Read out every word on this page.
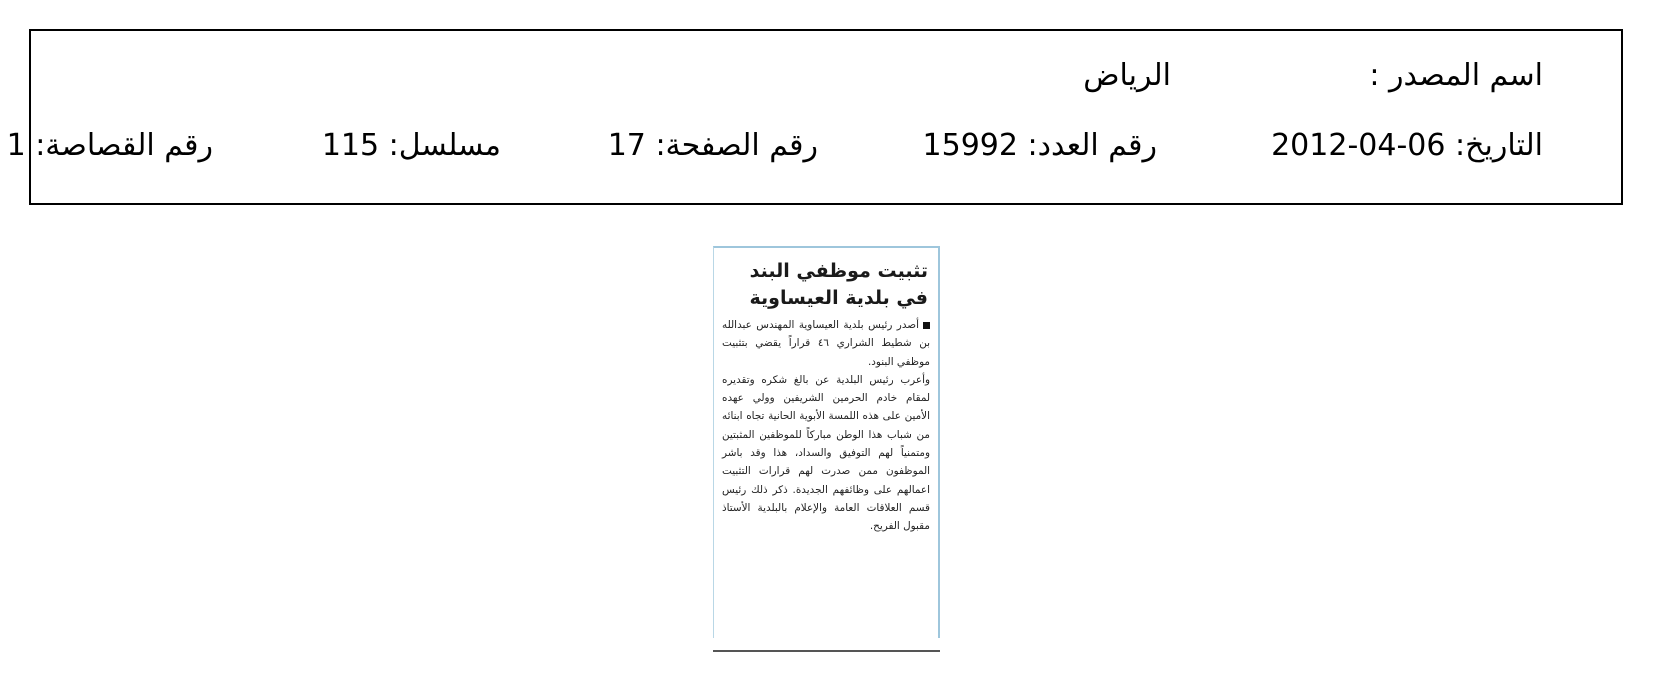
اسم المصدر :
الرياض
التاريخ: 06-04-2012
رقم العدد: 15992
رقم الصفحة: 17
مسلسل: 115
رقم القصاصة: 1
تثبيت موظفي البند
في بلدية العيساوية

أصدر رئيس بلدية العيساوية المهندس عبدالله بن شطيط الشراري ٤٦ قراراً يقضي بتثبيت موظفي البنود.

وأعرب رئيس البلدية عن بالغ شكره وتقديره لمقام خادم الحرمين الشريفين وولي عهده الأمين على هذه اللمسة الأبوية الحانية تجاه ابنائه من شباب هذا الوطن مباركاً للموظفين المثبتين ومتمنياً لهم التوفيق والسداد، هذا وقد باشر الموظفون ممن صدرت لهم قرارات التثبيت اعمالهم على وظائفهم الجديدة. ذكر ذلك رئيس قسم العلاقات العامة والإعلام بالبلدية الأستاذ مقبول الفريح.
